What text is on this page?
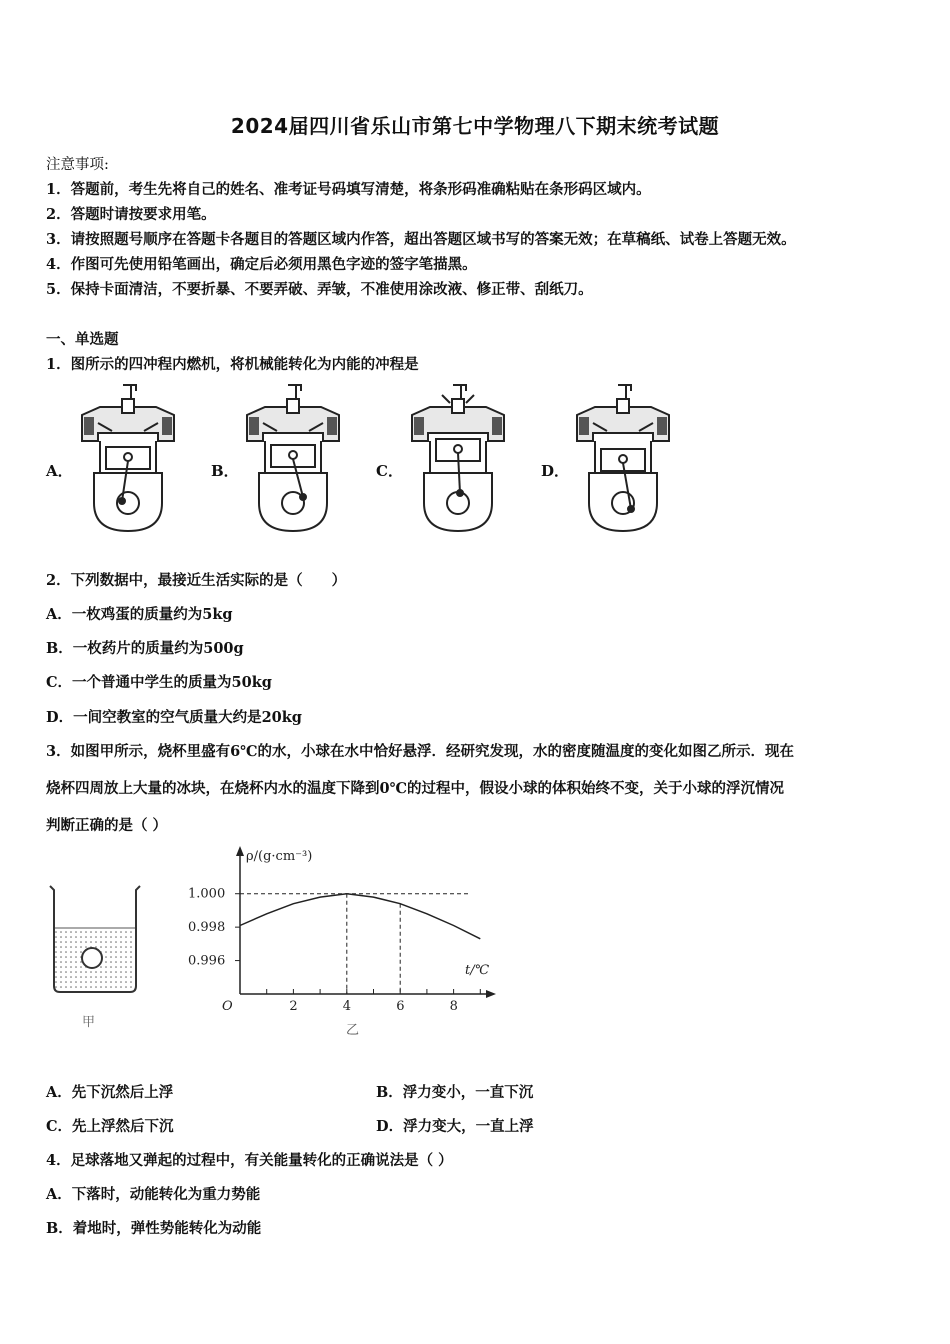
2024届四川省乐山市第七中学物理八下期末统考试题
注意事项:
1．答题前，考生先将自己的姓名、准考证号码填写清楚，将条形码准确粘贴在条形码区域内。
2．答题时请按要求用笔。
3．请按照题号顺序在答题卡各题目的答题区域内作答，超出答题区域书写的答案无效；在草稿纸、试卷上答题无效。
4．作图可先使用铅笔画出，确定后必须用黑色字迹的签字笔描黑。
5．保持卡面清洁，不要折暴、不要弄破、弄皱，不准使用涂改液、修正带、刮纸刀。
一、单选题
1．图所示的四冲程内燃机，将机械能转化为内能的冲程是
A．	B．	C．	D．
2．下列数据中，最接近生活实际的是（　　）
A．一枚鸡蛋的质量约为5kg
B．一枚药片的质量约为500g
C．一个普通中学生的质量为50kg
D．一间空教室的空气质量大约是20kg
3．如图甲所示，烧杯里盛有6℃的水，小球在水中恰好悬浮．经研究发现，水的密度随温度的变化如图乙所示．现在
烧杯四周放上大量的冰块，在烧杯内水的温度下降到0℃的过程中，假设小球的体积始终不变，关于小球的浮沉情况
判断正确的是（ ）
甲
ρ/(g·cm⁻³)
t/℃
O	2	4	6	8
1.000
0.998
0.996
乙
A．先下沉然后上浮	B．浮力变小，一直下沉
C．先上浮然后下沉	D．浮力变大，一直上浮
4．足球落地又弹起的过程中，有关能量转化的正确说法是（ ）
A．下落时，动能转化为重力势能
B．着地时，弹性势能转化为动能
